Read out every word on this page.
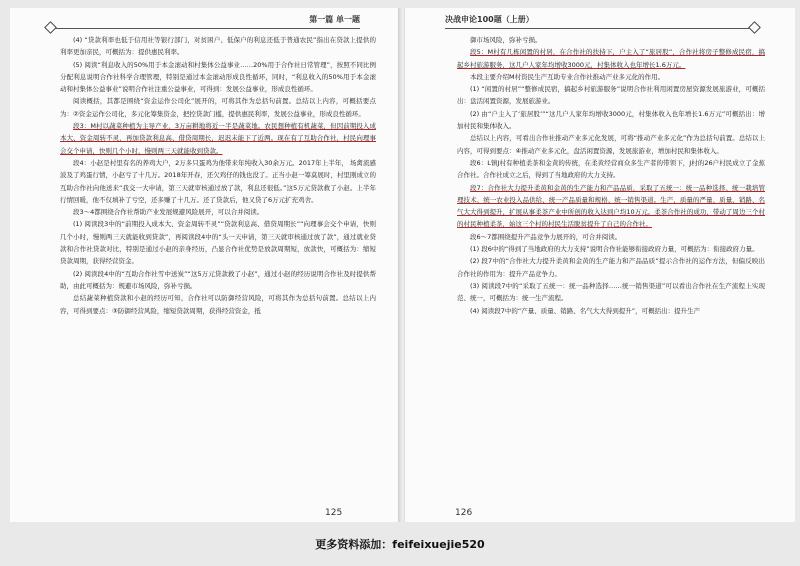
第一篇 单一题

(4) “贷款利率也低于信用社等银行部门，对贫困户、低保户的利息还低于普通农民”指出在贷款上提供的利率更加亲民，可概括为：提供惠民利率。

(5) 阅读“利息收入的50%用于本金滚动和村集体公益事业……20%用于合作社日常管理”，按照不同比例分配利息说明合作社科学合理管理，特别是通过本金滚动形成良性循环，同时，“利息收入的50%用于本金滚动和村集体公益事业”说明合作社注重公益事业，可得到：发展公益事业，形成良性循环。

阅读概括，其都是围绕“资金运作公司化”展开的，可将其作为总括句前置。总结以上内容，可概括要点为：②资金运作公司化，多元化筹集资金，把控贷款门槛，提供惠民利率，发展公益事业，形成良性循环。

段3：M村以蔬菜种植为主导产业，3万亩耕地将近一半是蔬菜地。农民想种植有机蔬菜，但因前期投入成本大、资金周转不灵，再加贷款利息高、借贷周期长，迟迟未能下了近两。现在有了互助合作社，村民向理事会交个申请，快则几个小时，慢则两三天就能收到贷款。

段4：小赵是村里有名的养鸡大户，2万多只蛋鸡为他带来年纯收入30余万元。2017年上半年， 场禽流感波及了鸡蛋行情，小赵亏了十几万。2018年开春，还欠鸡仔的钱也没了。正当小赵一筹莫展时，村里刚成立的互助合作社向他送来“我交一大申请，第三天就审核通过放了款，利息还很低。”这5万元贷款救了小赵。上半年行情回暖，他不仅填补了亏空，还多赚了十几万。还了贷款后，他又贷了6万元扩充鸡舍。

段3～4都围绕合作社帮助产业发展规避风险展开，可以合并阅读。

(1) 阅读段3中的“前期投入成本大、资金周转不灵”“贷款利息高、借贷周期长”“向理事会交个申请，快则几个小时，慢则两三天就能收到贷款”，再阅读段4中的“头一天申请，第三天就审核通过放了款”，通过就业贷款和合作社贷款对比，特别是通过小赵的亲身经历，凸显合作社优势是放款周期短，放款快，可概括为：缩短贷款周期，获得经营资金。

(2) 阅读段4中的“互助合作社雪中送炭”“这5万元贷款救了小赵”，通过小赵的经历说明合作社及时提供帮助，由此可概括为：规避市场风险，弥补亏损。

总结蔬菜种植贷款和小赵的经历可知，合作社可以防御经营风险，可将其作为总括句前置。总结以上内容，可得到要点：③防御经营风险，缩短贷款周期，获得经营资金，抵

125
决战申论100题（上册）

御市场风险，弥补亏损。

段5：M村有几栋闲置的村居，在合作社的扶持下，户主入了“旅居股”，合作社将房子整修成民宿，搞起乡村旅游服务，这几户人家年均增收3000元，村集体收入也年增长1.6万元。

本段主要介绍M村资民生产互助专业合作社推动产业多元化的作用。

(1) “闲置的村居”“整修成民宿，搞起乡村旅游服务”说明合作社利用闲置房屋资源发展旅游业，可概括出：盘活闲置资源，发展旅游业。

(2) 由“户主入了‘旅居股’”“这几户人家年均增收3000元，村集体收入也年增长1.6万元”可概括出：增加村民和集体收入。

总结以上内容，可看出合作社推动产业多元化发展，可将“推动产业多元化”作为总括句前置。总结以上内容，可得到要点：④推动产业多元化，盘活闲置资源，发展旅游业，增加村民和集体收入。

段6：L镇J村有种植柔茶和金黄的传统，在柔黄经营商众多生产者的带领下，J村的26户村民成立了金蕉合作社。合作社成立之后，得到了当地政府的大力支持。

段7：合作社大力提升柔黄和金黄的生产能力和产品品质，采取了五统一：统一品种选择、统一栽培管理技术、统一农业投入品供给、统一产品质量和规格、统一销售渠道。生产、质量的严量、质量、销路、名气大大得到提升，扩展从事柔茶产业中所创的收入达到户均10万元。柔茶合作社的成功，带动了周边三个村的村民种植柔茶，始这三个村的村民生活脱贫提升了自己的合作社。

段6～7都围绕提升产品竞争力展开的，可合并阅读。

(1) 段6中的“得到了当地政府的大力支持”说明合作社能够衔接政府力量，可概括为：衔接政府力量。

(2) 段7中的“合作社大力提升柔黄和金黄的生产能力和产品品质”提示合作社的运作方法，但偏反映出合作社的作用为：提升产品竞争力。

(3) 阅读段7中的“采取了五统一：统一品种选择……统一销售渠道”可以看出合作社在生产流程上实现范、统一，可概括为：统一生产流程。

(4) 阅读段7中的“产量、质量、销路、名气大大得到提升”，可概括出：提升生产

126
更多资料添加：feifeixuejie520
